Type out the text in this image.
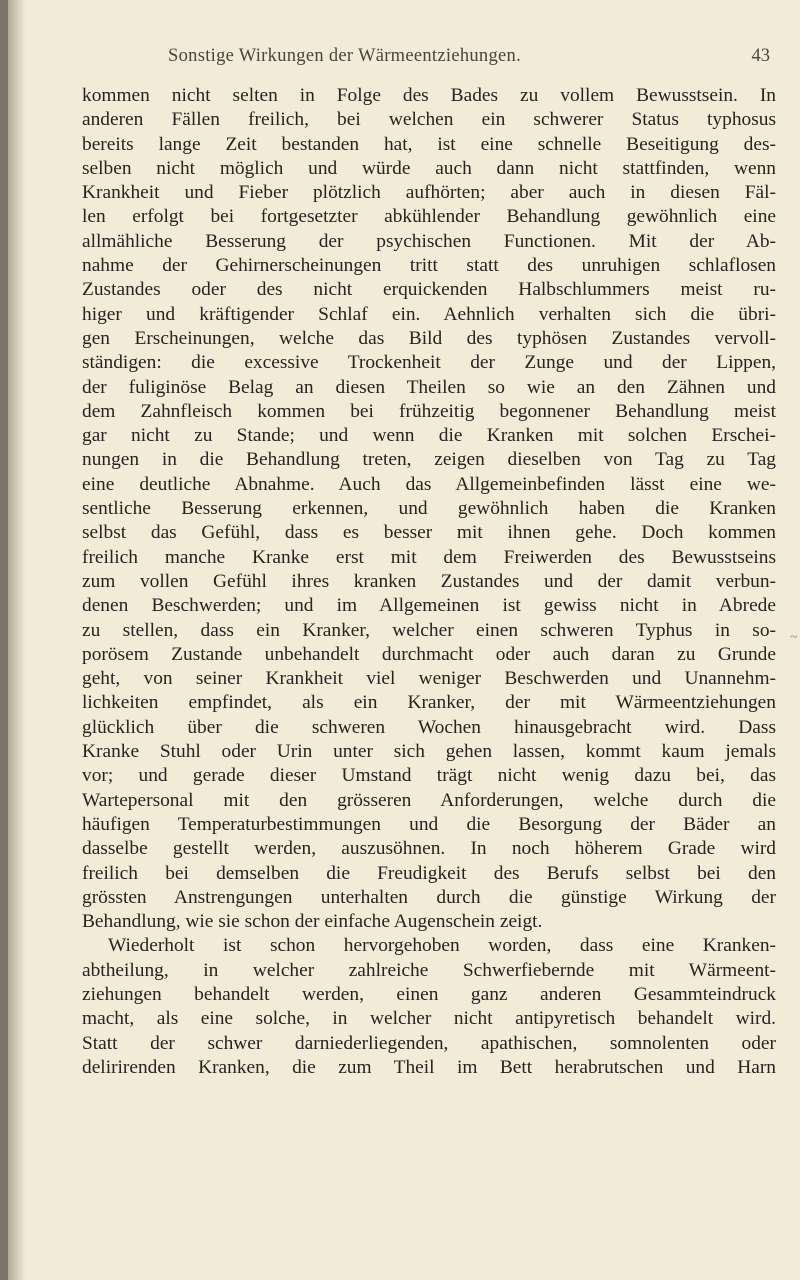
Sonstige Wirkungen der Wärmeentziehungen.	43
kommen nicht selten in Folge des Bades zu vollem Bewusstsein. In
anderen Fällen freilich, bei welchen ein schwerer Status typhosus
bereits lange Zeit bestanden hat, ist eine schnelle Beseitigung des-
selben nicht möglich und würde auch dann nicht stattfinden, wenn
Krankheit und Fieber plötzlich aufhörten; aber auch in diesen Fäl-
len erfolgt bei fortgesetzter abkühlender Behandlung gewöhnlich eine
allmähliche Besserung der psychischen Functionen. Mit der Ab-
nahme der Gehirnerscheinungen tritt statt des unruhigen schlaflosen
Zustandes oder des nicht erquickenden Halbschlummers meist ru-
higer und kräftigender Schlaf ein. Aehnlich verhalten sich die übri-
gen Erscheinungen, welche das Bild des typhösen Zustandes vervoll-
ständigen: die excessive Trockenheit der Zunge und der Lippen,
der fuliginöse Belag an diesen Theilen so wie an den Zähnen und
dem Zahnfleisch kommen bei frühzeitig begonnener Behandlung meist
gar nicht zu Stande; und wenn die Kranken mit solchen Erschei-
nungen in die Behandlung treten, zeigen dieselben von Tag zu Tag
eine deutliche Abnahme. Auch das Allgemeinbefinden lässt eine we-
sentliche Besserung erkennen, und gewöhnlich haben die Kranken
selbst das Gefühl, dass es besser mit ihnen gehe. Doch kommen
freilich manche Kranke erst mit dem Freiwerden des Bewusstseins
zum vollen Gefühl ihres kranken Zustandes und der damit verbun-
denen Beschwerden; und im Allgemeinen ist gewiss nicht in Abrede
zu stellen, dass ein Kranker, welcher einen schweren Typhus in so-
porösem Zustande unbehandelt durchmacht oder auch daran zu Grunde
geht, von seiner Krankheit viel weniger Beschwerden und Unannehm-
lichkeiten empfindet, als ein Kranker, der mit Wärmeentziehungen
glücklich über die schweren Wochen hinausgebracht wird. Dass
Kranke Stuhl oder Urin unter sich gehen lassen, kommt kaum jemals
vor; und gerade dieser Umstand trägt nicht wenig dazu bei, das
Wartepersonal mit den grösseren Anforderungen, welche durch die
häufigen Temperaturbestimmungen und die Besorgung der Bäder an
dasselbe gestellt werden, auszusöhnen. In noch höherem Grade wird
freilich bei demselben die Freudigkeit des Berufs selbst bei den
grössten Anstrengungen unterhalten durch die günstige Wirkung der
Behandlung, wie sie schon der einfache Augenschein zeigt.
Wiederholt ist schon hervorgehoben worden, dass eine Kranken-
abtheilung, in welcher zahlreiche Schwerfiebernde mit Wärmeent-
ziehungen behandelt werden, einen ganz anderen Gesammteindruck
macht, als eine solche, in welcher nicht antipyretisch behandelt wird.
Statt der schwer darniederliegenden, apathischen, somnolenten oder
delirirenden Kranken, die zum Theil im Bett herabrutschen und Harn
~
